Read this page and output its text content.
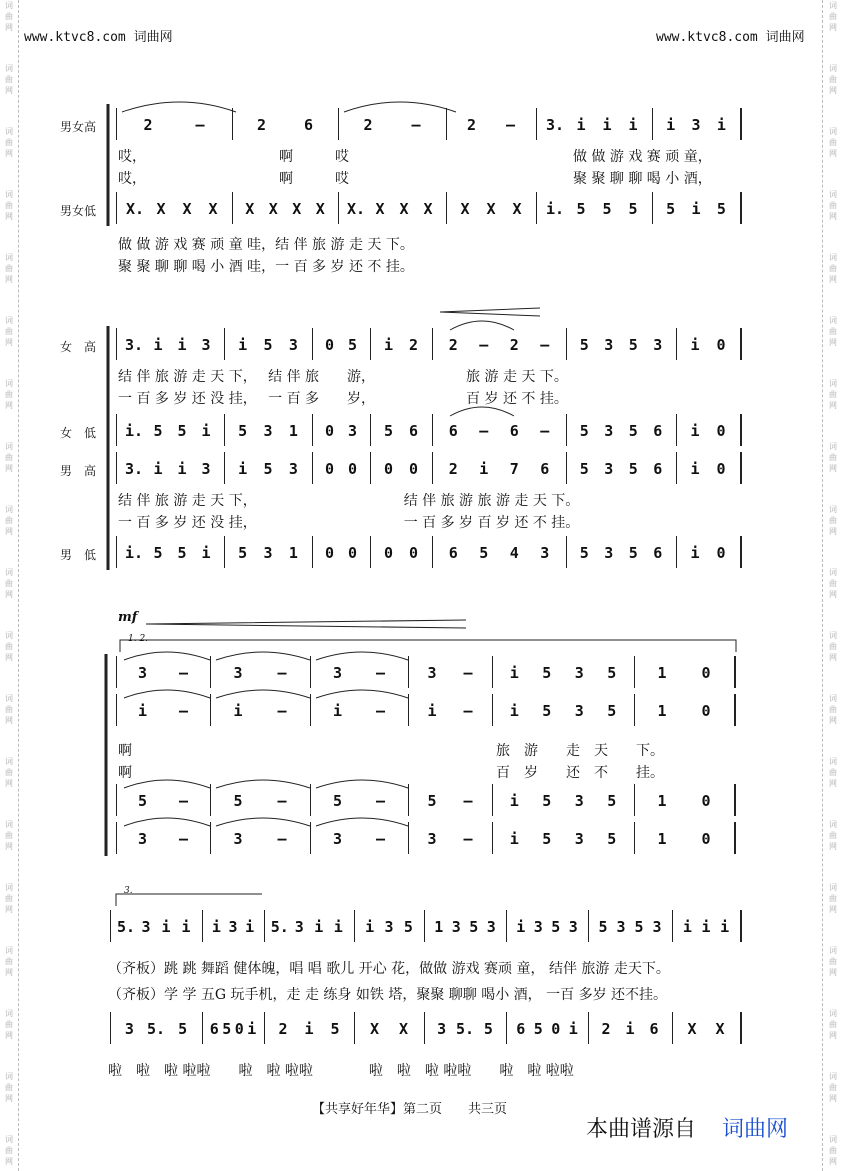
www.ktvc8.com 词曲网	www.ktvc8.com 词曲网
词
曲
网
词
曲
网
词
曲
网
词
曲
网
词
曲
网
词
曲
网
词
曲
网
词
曲
网
词
曲
网
词
曲
网
词
曲
网
词
曲
网
词
曲
网
词
曲
网
词
曲
网
词
曲
网
词
曲
网
词
曲
网
词
曲
网
词
曲
网
词
曲
网
词
曲
网
词
曲
网
词
曲
网
词
曲
网
词
曲
网
词
曲
网
词
曲
网
词
曲
网
词
曲
网
词
曲
网
词
曲
网
词
曲
网
词
曲
网
词
曲
网
词
曲
网
词
曲
网
词
曲
网
男女高
男女低
2	–	2	6	2	–	2 – 3. i i i i 3 i
X. X X X X X X X X. X X X X X X i. 5 5 5 5 i 5
哎，　　　　　　　　　　啊　　　哎　　　　　　　　　　　　　　　　做 做 游 戏 赛 顽 童，
哎，　　　　　　　　　　啊　　　哎　　　　　　　　　　　　　　　　聚 聚 聊 聊 喝 小 酒，
做 做 游 戏 赛 顽 童 哇，结 伴 旅 游 走 天 下。
聚 聚 聊 聊 喝 小 酒 哇，一 百 多 岁 还 不 挂。
女　高
女　低
男　高
男　低
3. i i 3 i 5 3 0 5 i 2 2 – 2 – 5 3 5 3 i 0
i. 5 5 i 5 3 1 0 3 5 6 6 – 6 – 5 3 5 6 i 0
3. i i 3 i 5 3 0 0 0 0 2 i 7 6 5 3 5 6 i 0
i. 5 5 i 5 3 1 0 0 0 0 6 5 4 3 5 3 5 6 i 0
结 伴 旅 游 走 天 下，　 结 伴 旅　　游，　　　　　　　旅 游 走 天 下。
一 百 多 岁 还 没 挂，　 一 百 多　　岁，　　　　　　　百 岁 还 不 挂。
结 伴 旅 游 走 天 下，　　　　　　　　　　　结 伴 旅 游 旅 游 走 天 下。
一 百 多 岁 还 没 挂，　　　　　　　　　　　一 百 多 岁 百 岁 还 不 挂。
3 –	3 –	3 –	3 – i 5 3 5	1 0
i –	i –	i –	i – i 5 3 5	1 0
5 –	5 –	5 –	5 – i 5 3 5	1 0
3 –	3 –	3 –	3 – i 5 3 5	1 0
啊
啊
旅　游　　走　天　　下。
百　岁　　还　不　　挂。
5. 3 i i i 3 i 5. 3 i i i 3 5 1 3 5 3 i 3 5 3 5 3 5 3 i i i
3 5. 5 6 5 0 i 2 i 5 X X 3 5. 5 6 5 0 i 2 i 6 X X
（齐板）跳 跳 舞蹈 健体魄，唱 唱 歌儿 开心 花，做做 游戏 赛顽 童， 结伴 旅游 走天下。
（齐板）学 学 五G 玩手机，走 走 练身 如铁 塔，聚聚 聊聊 喝小 酒， 一百 多岁 还不挂。
啦　啦　啦 啦啦　　啦　啦 啦啦　　　　啦　啦　啦 啦啦　　啦　啦 啦啦
mf
1. 2.
3.
【共享好年华】第二页　　共三页
本曲谱源自 词曲网
